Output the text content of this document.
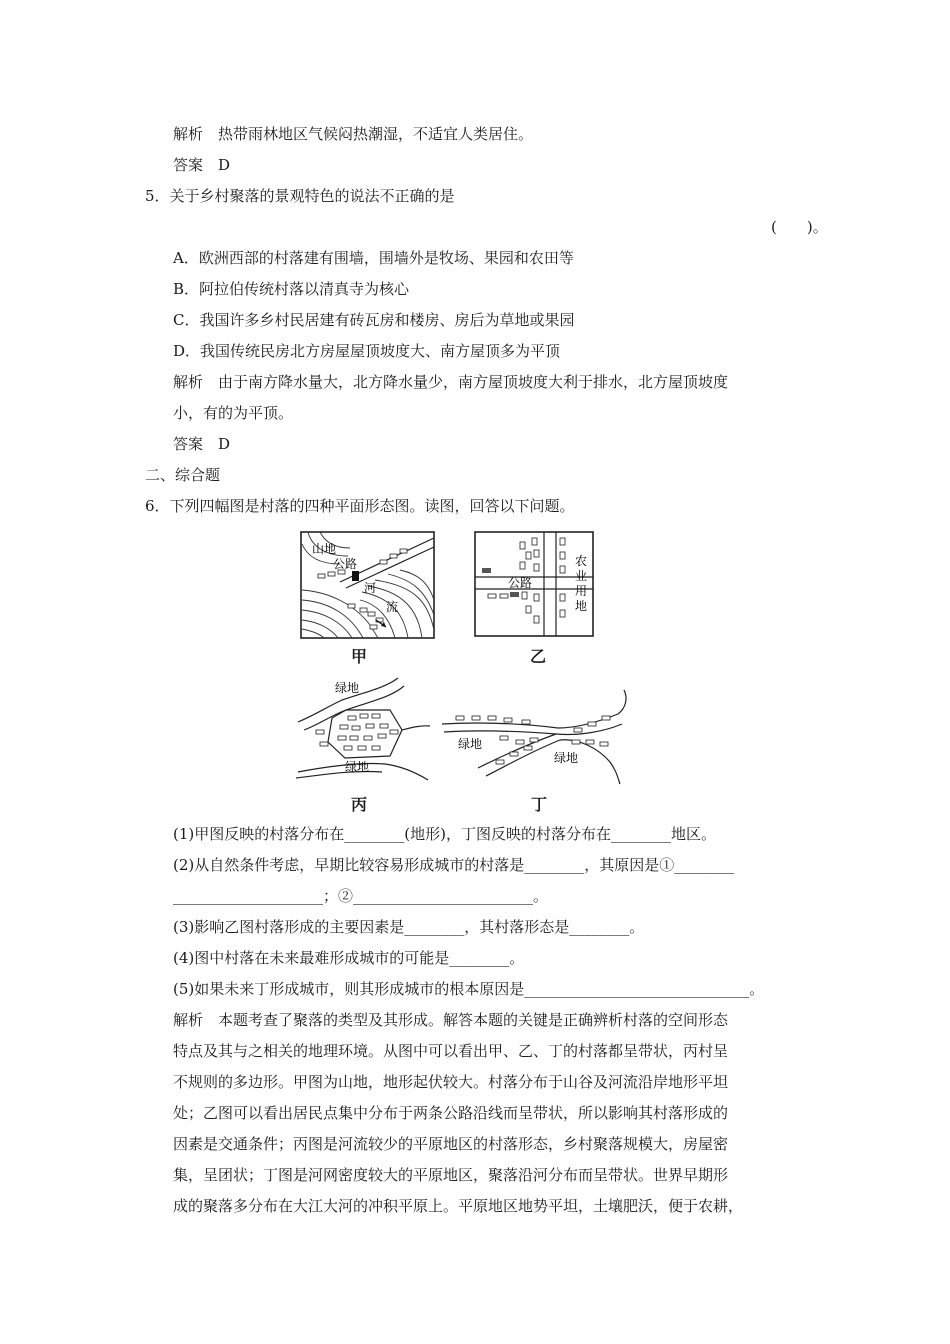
解析　热带雨林地区气候闷热潮湿，不适宜人类居住。
答案　D
5．关于乡村聚落的景观特色的说法不正确的是
(　　)。
A．欧洲西部的村落建有围墙，围墙外是牧场、果园和农田等
B．阿拉伯传统村落以清真寺为核心
C．我国许多乡村民居建有砖瓦房和楼房、房后为草地或果园
D．我国传统民房北方房屋屋顶坡度大、南方屋顶多为平顶
解析　由于南方降水量大，北方降水量少，南方屋顶坡度大利于排水，北方屋顶坡度
小，有的为平顶。
答案　D
二、综合题
6．下列四幅图是村落的四种平面形态图。读图，回答以下问题。
山地
公路
河
流
甲
公路
农
业
用
地
乙
绿地
绿地
丙
绿地
绿地
丁
(1)甲图反映的村落分布在________(地形)，丁图反映的村落分布在________地区。
(2)从自然条件考虑，早期比较容易形成城市的村落是________，其原因是①________
____________________；②________________________。
(3)影响乙图村落形成的主要因素是________，其村落形态是________。
(4)图中村落在未来最难形成城市的可能是________。
(5)如果未来丁形成城市，则其形成城市的根本原因是______________________________。
解析　本题考查了聚落的类型及其形成。解答本题的关键是正确辨析村落的空间形态
特点及其与之相关的地理环境。从图中可以看出甲、乙、丁的村落都呈带状，丙村呈
不规则的多边形。甲图为山地，地形起伏较大。村落分布于山谷及河流沿岸地形平坦
处；乙图可以看出居民点集中分布于两条公路沿线而呈带状，所以影响其村落形成的
因素是交通条件；丙图是河流较少的平原地区的村落形态，乡村聚落规模大，房屋密
集，呈团状；丁图是河网密度较大的平原地区，聚落沿河分布而呈带状。世界早期形
成的聚落多分布在大江大河的冲积平原上。平原地区地势平坦，土壤肥沃，便于农耕，
